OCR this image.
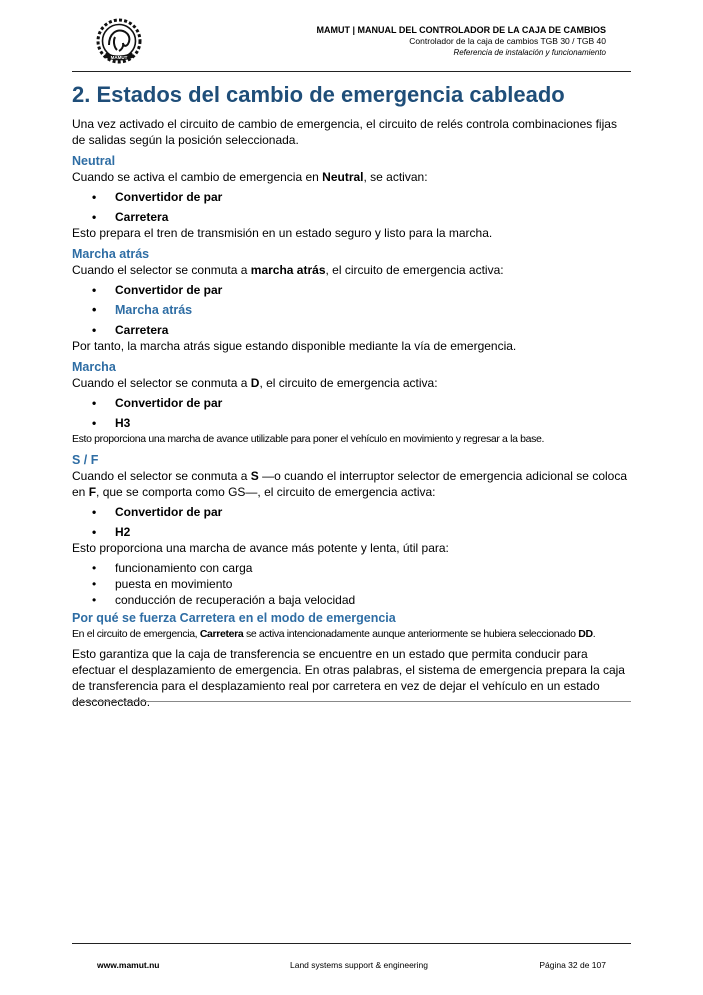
MAMUT
MAMUT | MANUAL DEL CONTROLADOR DE LA CAJA DE CAMBIOS
Controlador de la caja de cambios TGB 30 / TGB 40
Referencia de instalación y funcionamiento
2. Estados del cambio de emergencia cableado

Una vez activado el circuito de cambio de emergencia, el circuito de relés controla combinaciones fijas de salidas según la posición seleccionada.

Neutral

Cuando se activa el cambio de emergencia en Neutral, se activan:

• Convertidor de par
• Carretera

Esto prepara el tren de transmisión en un estado seguro y listo para la marcha.

Marcha atrás

Cuando el selector se conmuta a marcha atrás, el circuito de emergencia activa:

• Convertidor de par
• Marcha atrás
• Carretera

Por tanto, la marcha atrás sigue estando disponible mediante la vía de emergencia.

Marcha

Cuando el selector se conmuta a D, el circuito de emergencia activa:

• Convertidor de par
• H3

Esto proporciona una marcha de avance utilizable para poner el vehículo en movimiento y regresar a la base.

S / F

Cuando el selector se conmuta a S —o cuando el interruptor selector de emergencia adicional se coloca en F, que se comporta como GS—, el circuito de emergencia activa:

• Convertidor de par
• H2

Esto proporciona una marcha de avance más potente y lenta, útil para:

• funcionamiento con carga
• puesta en movimiento
• conducción de recuperación a baja velocidad
Por qué se fuerza Carretera en el modo de emergencia

En el circuito de emergencia, Carretera se activa intencionadamente aunque anteriormente se hubiera seleccionado DD.

Esto garantiza que la caja de transferencia se encuentre en un estado que permita conducir para efectuar el desplazamiento de emergencia. En otras palabras, el sistema de emergencia prepara la caja de transferencia para el desplazamiento real por carretera en vez de dejar el vehículo en un estado desconectado.

www.mamut.nu	Land systems support & engineering	Página 32 de 107
